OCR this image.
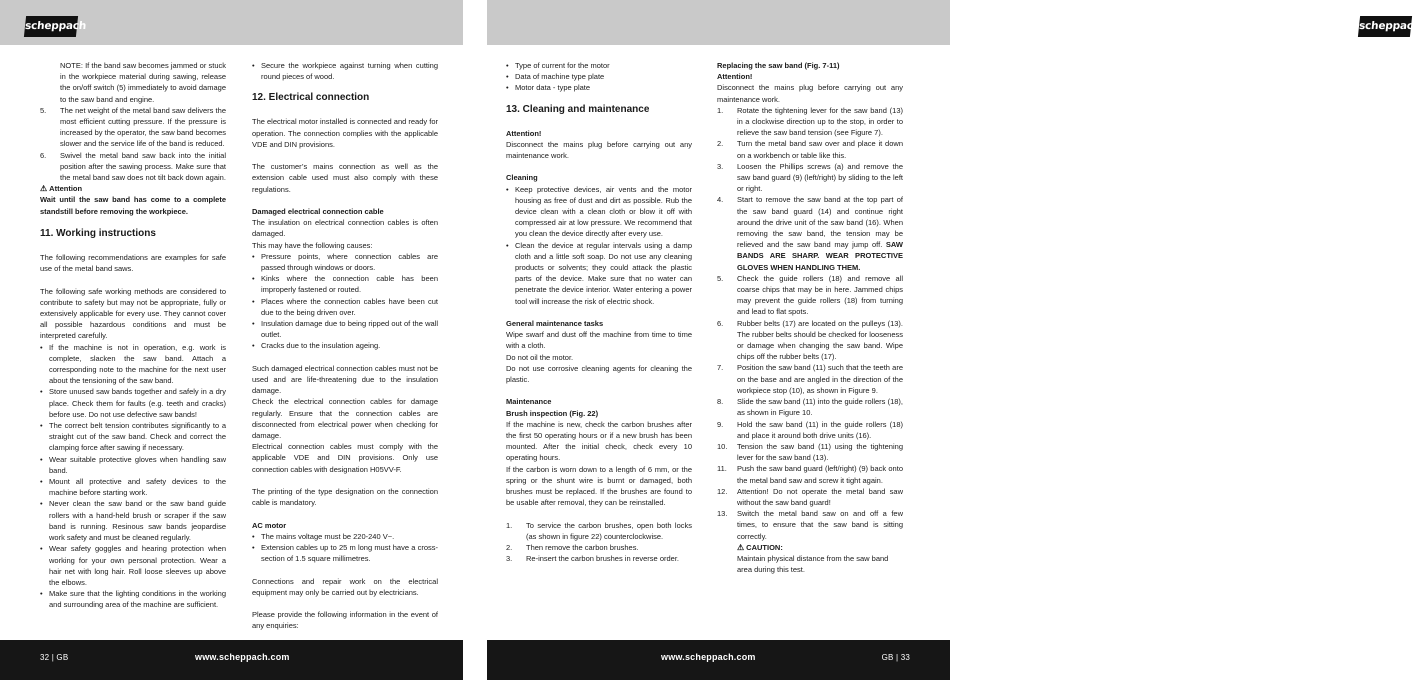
scheppach	scheppach
NOTE: If the band saw becomes jammed or stuck in the workpiece material during sawing, release the on/off switch (5) immediately to avoid damage to the saw band and engine.
5. The net weight of the metal band saw delivers the most efficient cutting pressure. If the pressure is increased by the operator, the saw band becomes slower and the service life of the band is reduced.
6. Swivel the metal band saw back into the initial position after the sawing process. Make sure that the metal band saw does not tilt back down again.
⚠ Attention

Wait until the saw band has come to a complete standstill before removing the workpiece.

11. Working instructions

The following recommendations are examples for safe use of the metal band saws.

The following safe working methods are considered to contribute to safety but may not be appropriate, fully or extensively applicable for every use. They cannot cover all possible hazardous conditions and must be interpreted carefully.

• If the machine is not in operation, e.g. work is complete, slacken the saw band. Attach a corresponding note to the machine for the next user about the tensioning of the saw band.
• Store unused saw bands together and safely in a dry place. Check them for faults (e.g. teeth and cracks) before use. Do not use defective saw bands!
• The correct belt tension contributes significantly to a straight cut of the saw band. Check and correct the clamping force after sawing if necessary.
• Wear suitable protective gloves when handling saw band.
• Mount all protective and safety devices to the machine before starting work.
• Never clean the saw band or the saw band guide rollers with a hand-held brush or scraper if the saw band is running. Resinous saw bands jeopardise work safety and must be cleaned regularly.
• Wear safety goggles and hearing protection when working for your own personal protection. Wear a hair net with long hair. Roll loose sleeves up above the elbows.
• Make sure that the lighting conditions in the working and surrounding area of the machine are sufficient.
• Secure the workpiece against turning when cutting round pieces of wood.
12. Electrical connection

The electrical motor installed is connected and ready for operation. The connection complies with the applicable VDE and DIN provisions.

The customer’s mains connection as well as the extension cable used must also comply with these regulations.

Damaged electrical connection cable

The insulation on electrical connection cables is often damaged.

This may have the following causes:

• Pressure points, where connection cables are passed through windows or doors.
• Kinks where the connection cable has been improperly fastened or routed.
• Places where the connection cables have been cut due to the being driven over.
• Insulation damage due to being ripped out of the wall outlet.
• Cracks due to the insulation ageing.

Such damaged electrical connection cables must not be used and are life-threatening due to the insulation damage.

Check the electrical connection cables for damage regularly. Ensure that the connection cables are disconnected from electrical power when checking for damage.

Electrical connection cables must comply with the applicable VDE and DIN provisions. Only use connection cables with designation H05VV-F.

The printing of the type designation on the connection cable is mandatory.

AC motor
• The mains voltage must be 220-240 V~.
• Extension cables up to 25 m long must have a cross-section of 1.5 square millimetres.

Connections and repair work on the electrical equipment may only be carried out by electricians.

Please provide the following information in the event of any enquiries:

• Type of current for the motor
• Data of machine type plate
• Motor data - type plate
13. Cleaning and maintenance
Attention!

Disconnect the mains plug before carrying out any maintenance work.

Cleaning
• Keep protective devices, air vents and the motor housing as free of dust and dirt as possible. Rub the device clean with a clean cloth or blow it off with compressed air at low pressure. We recommend that you clean the device directly after every use.
• Clean the device at regular intervals using a damp cloth and a little soft soap. Do not use any cleaning products or solvents; they could attack the plastic parts of the device. Make sure that no water can penetrate the device interior. Water entering a power tool will increase the risk of electric shock.
General maintenance tasks
Wipe swarf and dust off the machine from time to time with a cloth.
Do not oil the motor.
Do not use corrosive cleaning agents for cleaning the plastic.
Maintenance
Brush inspection (Fig. 22)

If the machine is new, check the carbon brushes after the first 50 operating hours or if a new brush has been mounted. After the initial check, check every 10 operating hours.

If the carbon is worn down to a length of 6 mm, or the spring or the shunt wire is burnt or damaged, both brushes must be replaced. If the brushes are found to be usable after removal, they can be reinstalled.

1. To service the carbon brushes, open both locks (as shown in figure 22) counterclockwise.
2. Then remove the carbon brushes.
3. Re-insert the carbon brushes in reverse order.
Replacing the saw band (Fig. 7-11)
Attention!

Disconnect the mains plug before carrying out any maintenance work.

1. Rotate the tightening lever for the saw band (13) in a clockwise direction up to the stop, in order to relieve the saw band tension (see Figure 7).
2. Turn the metal band saw over and place it down on a workbench or table like this.
3. Loosen the Phillips screws (a) and remove the saw band guard (9) (left/right) by sliding to the left or right.
4. Start to remove the saw band at the top part of the saw band guard (14) and continue right around the drive unit of the saw band (16). When removing the saw band, the tension may be relieved and the saw band may jump off. SAW BANDS ARE SHARP. WEAR PROTECTIVE GLOVES WHEN HANDLING THEM.
5. Check the guide rollers (18) and remove all coarse chips that may be in here. Jammed chips may prevent the guide rollers (18) from turning and lead to flat spots.
6. Rubber belts (17) are located on the pulleys (13). The rubber belts should be checked for looseness or damage when changing the saw band. Wipe chips off the rubber belts (17).
7. Position the saw band (11) such that the teeth are on the base and are angled in the direction of the workpiece stop (10), as shown in Figure 9.
8. Slide the saw band (11) into the guide rollers (18), as shown in Figure 10.
9. Hold the saw band (11) in the guide rollers (18) and place it around both drive units (16).
10. Tension the saw band (11) using the tightening lever for the saw band (13).
11. Push the saw band guard (left/right) (9) back onto the metal band saw and screw it tight again.
12. Attention! Do not operate the metal band saw without the saw band guard!
13. Switch the metal band saw on and off a few times, to ensure that the saw band is sitting correctly.
⚠ CAUTION:

Maintain physical distance from the saw band area during this test.

32 | GB	www.scheppach.com	www.scheppach.com	GB | 33
